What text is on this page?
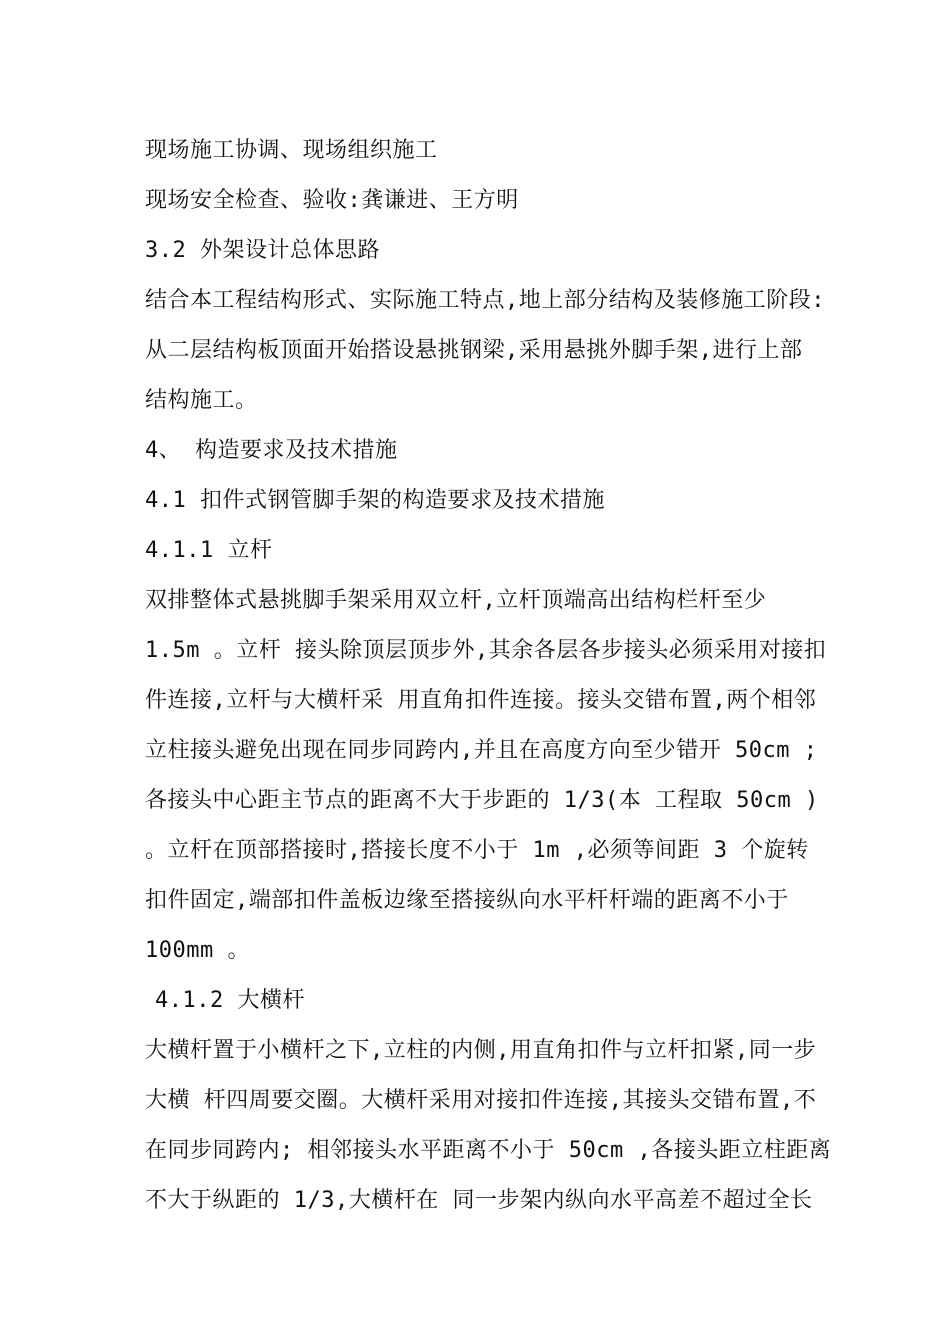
现场施工协调、现场组织施工
现场安全检查、验收:龚谦进、王方明
3.2 外架设计总体思路
结合本工程结构形式、实际施工特点,地上部分结构及装修施工阶段:
从二层结构板顶面开始搭设悬挑钢梁,采用悬挑外脚手架,进行上部
结构施工。
4、 构造要求及技术措施
4.1 扣件式钢管脚手架的构造要求及技术措施
4.1.1 立杆
双排整体式悬挑脚手架采用双立杆,立杆顶端高出结构栏杆至少
1.5m 。立杆 接头除顶层顶步外,其余各层各步接头必须采用对接扣
件连接,立杆与大横杆采 用直角扣件连接。接头交错布置,两个相邻
立柱接头避免出现在同步同跨内,并且在高度方向至少错开 50cm ;
各接头中心距主节点的距离不大于步距的 1/3(本 工程取 50cm )
。立杆在顶部搭接时,搭接长度不小于 1m ,必须等间距 3 个旋转
扣件固定,端部扣件盖板边缘至搭接纵向水平杆杆端的距离不小于
100mm 。
4.1.2 大横杆
大横杆置于小横杆之下,立柱的内侧,用直角扣件与立杆扣紧,同一步
大横 杆四周要交圈。大横杆采用对接扣件连接,其接头交错布置,不
在同步同跨内; 相邻接头水平距离不小于 50cm ,各接头距立柱距离
不大于纵距的 1/3,大横杆在 同一步架内纵向水平高差不超过全长
